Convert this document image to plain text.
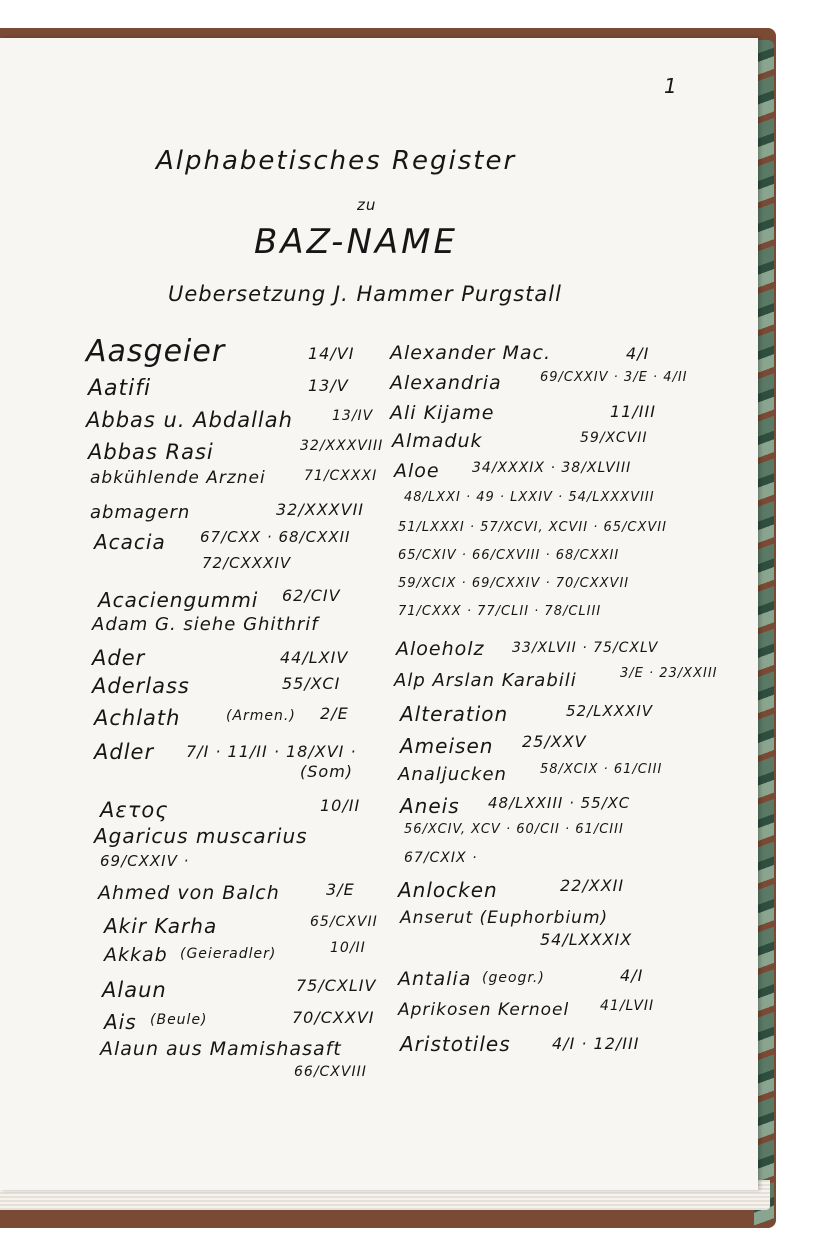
1
Alphabetisches Register
zu
BAZ-NAME
Uebersetzung J. Hammer Purgstall
Aasgeier	14/VI
Aatifi	13/V
Abbas u. Abdallah	13/IV
Abbas Rasi	32/XXXVIII
abkühlende Arznei	71/CXXXI
abmagern	32/XXXVII
Acacia 67/CXX · 68/CXXII
72/CXXXIV
Acaciengummi 62/CIV
Adam G. siehe Ghithrif
Ader	44/LXIV
Aderlass	55/XCI
Achlath	(Armen.) 2/E
Adler 7/I · 11/II · 18/XVI ·
(Som)
Αετος	10/II
Agaricus muscarius
69/CXXIV ·
Ahmed von Balch	3/E
Akir Karha	65/CXVII
Akkab (Geieradler)	10/II
Alaun	75/CXLIV
Ais (Beule)	70/CXXVI
Alaun aus Mamishasaft
66/CXVIII
Alexander Mac.	4/I
Alexandria	69/CXXIV · 3/E · 4/II
Ali Kijame	11/III
Almaduk	59/XCVII
Aloe 34/XXXIX · 38/XLVIII
48/LXXI · 49 · LXXIV · 54/LXXXVIII
51/LXXXI · 57/XCVI, XCVII · 65/CXVII
65/CXIV · 66/CXVIII · 68/CXXII
59/XCIX · 69/CXXIV · 70/CXXVII
71/CXXX · 77/CLII · 78/CLIII
Aloeholz 33/XLVII · 75/CXLV
Alp Arslan Karabili	3/E · 23/XXIII
Alteration	52/LXXXIV
Ameisen 25/XXV
Analjucken	58/XCIX · 61/CIII
Aneis 48/LXXIII · 55/XC
56/XCIV, XCV · 60/CII · 61/CIII
67/CXIX ·
Anlocken	22/XXII
Anserut (Euphorbium)
54/LXXXIX
Antalia (geogr.)	4/I
Aprikosen Kernoel 41/LVII
Aristotiles	4/I · 12/III
